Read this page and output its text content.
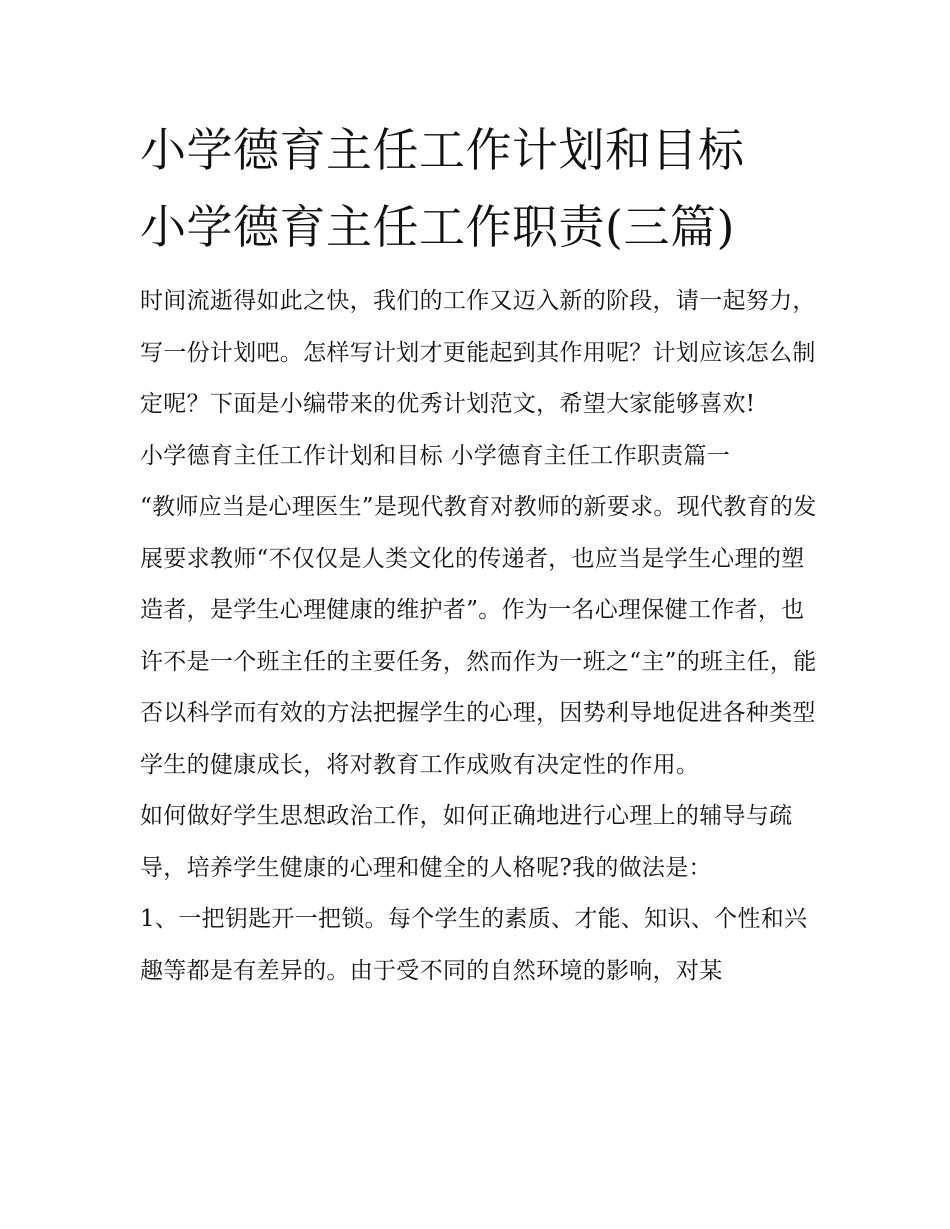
小学德育主任工作计划和目标
小学德育主任工作职责(三篇)

时间流逝得如此之快，我们的工作又迈入新的阶段，请一起努力，写一份计划吧。怎样写计划才更能起到其作用呢？计划应该怎么制定呢？下面是小编带来的优秀计划范文，希望大家能够喜欢!

小学德育主任工作计划和目标 小学德育主任工作职责篇一

“教师应当是心理医生”是现代教育对教师的新要求。现代教育的发展要求教师“不仅仅是人类文化的传递者，也应当是学生心理的塑造者，是学生心理健康的维护者”。作为一名心理保健工作者，也许不是一个班主任的主要任务，然而作为一班之“主”的班主任，能否以科学而有效的方法把握学生的心理，因势利导地促进各种类型学生的健康成长，将对教育工作成败有决定性的作用。

如何做好学生思想政治工作，如何正确地进行心理上的辅导与疏导，培养学生健康的心理和健全的人格呢?我的做法是：

1、一把钥匙开一把锁。每个学生的素质、才能、知识、个性和兴趣等都是有差异的。由于受不同的自然环境的影响，对某
